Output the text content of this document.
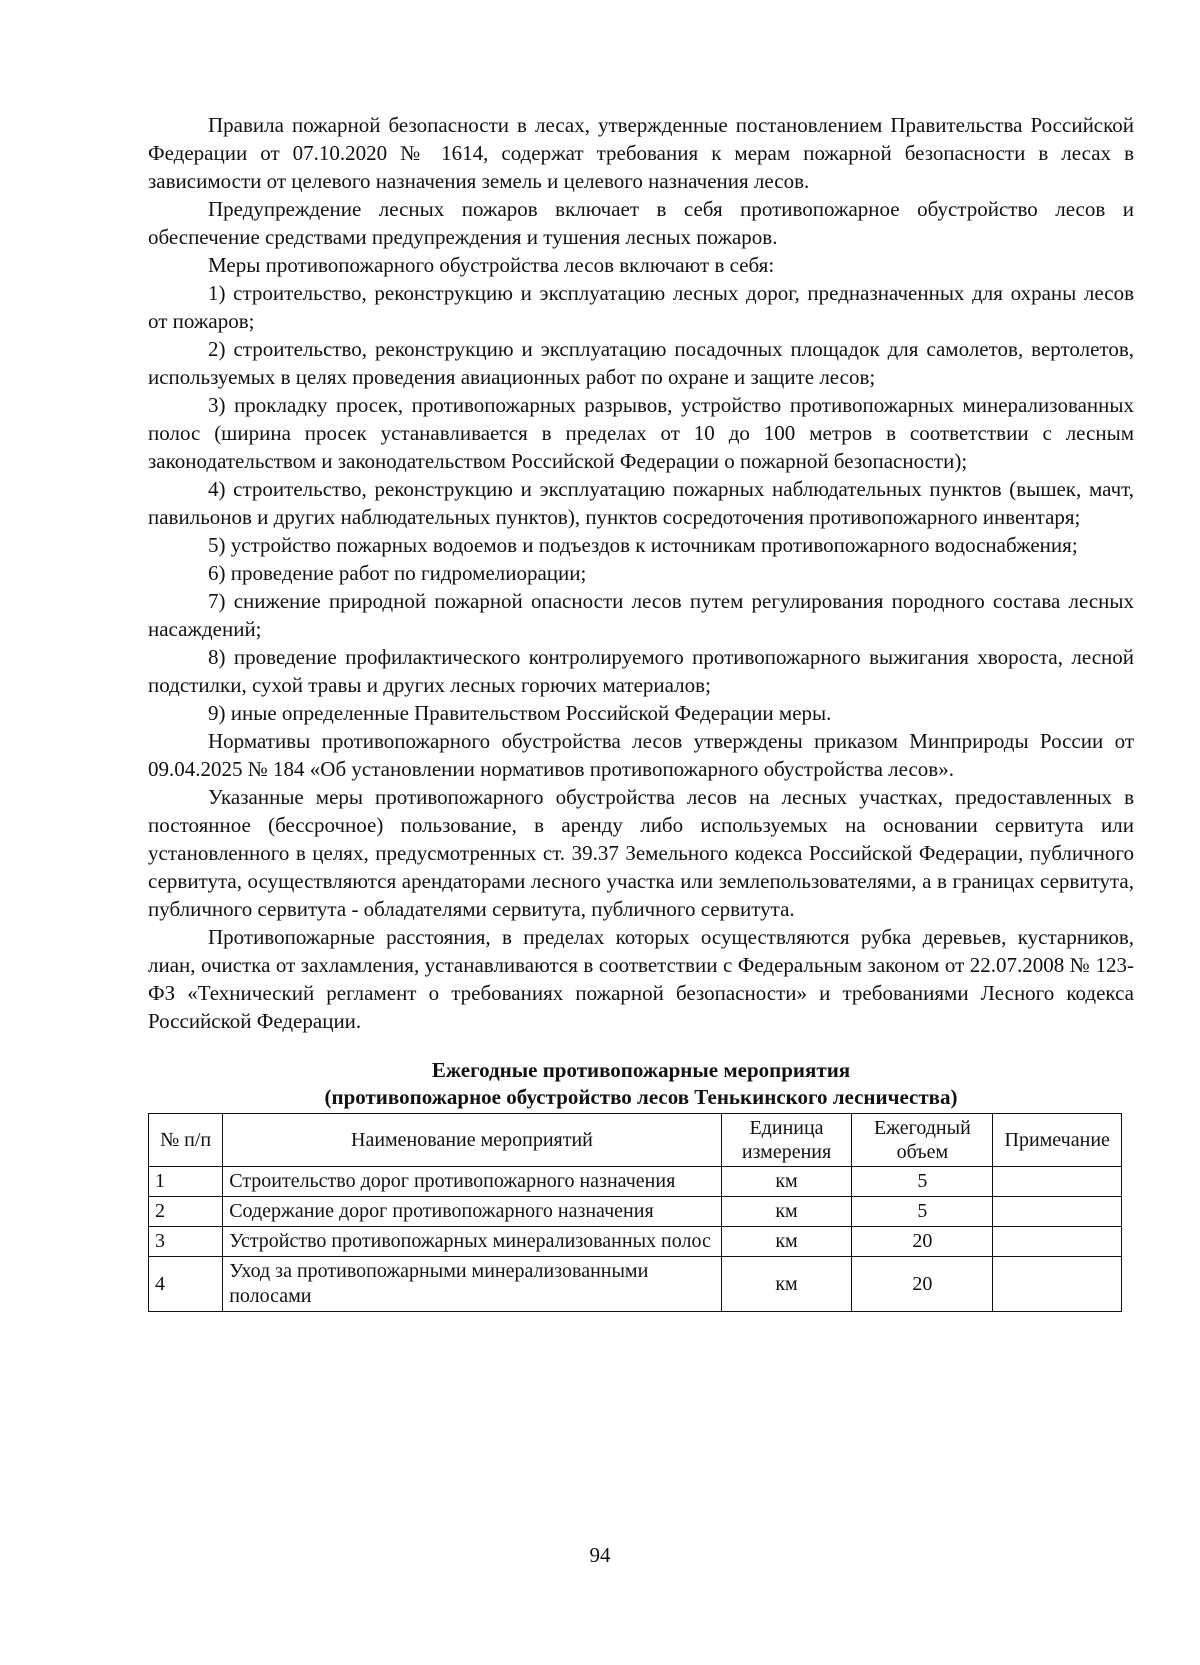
Правила пожарной безопасности в лесах, утвержденные постановлением Правительства Российской Федерации от 07.10.2020 № 1614, содержат требования к мерам пожарной безопасности в лесах в зависимости от целевого назначения земель и целевого назначения лесов.

Предупреждение лесных пожаров включает в себя противопожарное обустройство лесов и обеспечение средствами предупреждения и тушения лесных пожаров.

Меры противопожарного обустройства лесов включают в себя:

1) строительство, реконструкцию и эксплуатацию лесных дорог, предназначенных для охраны лесов от пожаров;

2) строительство, реконструкцию и эксплуатацию посадочных площадок для самолетов, вертолетов, используемых в целях проведения авиационных работ по охране и защите лесов;

3) прокладку просек, противопожарных разрывов, устройство противопожарных минерализованных полос (ширина просек устанавливается в пределах от 10 до 100 метров в соответствии с лесным законодательством и законодательством Российской Федерации о пожарной безопасности);

4) строительство, реконструкцию и эксплуатацию пожарных наблюдательных пунктов (вышек, мачт, павильонов и других наблюдательных пунктов), пунктов сосредоточения противопожарного инвентаря;

5) устройство пожарных водоемов и подъездов к источникам противопожарного водоснабжения;

6) проведение работ по гидромелиорации;

7) снижение природной пожарной опасности лесов путем регулирования породного состава лесных насаждений;

8) проведение профилактического контролируемого противопожарного выжигания хвороста, лесной подстилки, сухой травы и других лесных горючих материалов;

9) иные определенные Правительством Российской Федерации меры.

Нормативы противопожарного обустройства лесов утверждены приказом Минприроды России от 09.04.2025 № 184 «Об установлении нормативов противопожарного обустройства лесов».

Указанные меры противопожарного обустройства лесов на лесных участках, предоставленных в постоянное (бессрочное) пользование, в аренду либо используемых на основании сервитута или установленного в целях, предусмотренных ст. 39.37 Земельного кодекса Российской Федерации, публичного сервитута, осуществляются арендаторами лесного участка или землепользователями, а в границах сервитута, публичного сервитута - обладателями сервитута, публичного сервитута.

Противопожарные расстояния, в пределах которых осуществляются рубка деревьев, кустарников, лиан, очистка от захламления, устанавливаются в соответствии с Федеральным законом от 22.07.2008 № 123-ФЗ «Технический регламент о требованиях пожарной безопасности» и требованиями Лесного кодекса Российской Федерации.

Ежегодные противопожарные мероприятия
(противопожарное обустройство лесов Тенькинского лесничества)
№ п/п	Наименование мероприятий	Единица измерения	Ежегодный объем	Примечание
1	Строительство дорог противопожарного назначения	км	5	
2	Содержание дорог противопожарного назначения	км	5	
3	Устройство противопожарных минерализованных полос	км	20	
4	Уход за противопожарными минерализованными полосами	км	20	
94
